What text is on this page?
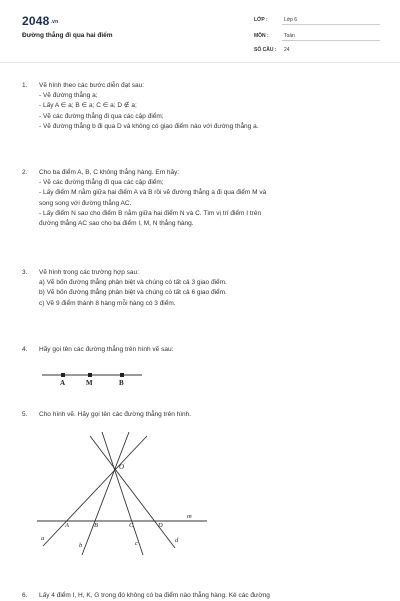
2048.vn
Đường thẳng đi qua hai điểm
LỚP :	Lớp 6
MÔN :	Toán
SỐ CÂU : 24
1. Vẽ hình theo các bước diễn đạt sau:

- Vẽ đường thẳng a;

- Lấy A ∈ a; B ∈ a; C ∈ a; D ∉ a;

- Vẽ các đường thẳng đi qua các cặp điểm;

- Vẽ đường thẳng b đi qua D và không có giao điểm nào với đường thẳng a.

2. Cho ba điểm A, B, C không thẳng hàng. Em hãy:

- Vẽ các đường thẳng đi qua các cặp điểm;

- Lấy điểm M nằm giữa hai điểm A và B rồi vẽ đường thẳng a đi qua điểm M và

song song với đường thẳng AC.

- Lấy điểm N sao cho điểm B nằm giữa hai điểm N và C. Tìm vị trí điểm I trên

đường thẳng AC sao cho ba điểm I, M, N thẳng hàng.

3. Vẽ hình trong các trường hợp sau:

a) Vẽ bốn đường thẳng phân biệt và chúng có tất cả 3 giao điểm.

b) Vẽ bốn đường thẳng phân biệt và chúng có tất cả 6 giao điểm.

c) Vẽ 9 điểm thành 8 hàng mỗi hàng có 3 điểm.

4. Hãy gọi tên các đường thẳng trên hình vẽ sau:

A	M	B
5. Cho hình vẽ. Hãy gọi tên các đường thẳng trên hình.

O
A	B	C	D
a
b	c	d
m
6. Lấy 4 điểm I, H, K, G trong đó không có ba điểm nào thẳng hàng. Kẻ các đường
